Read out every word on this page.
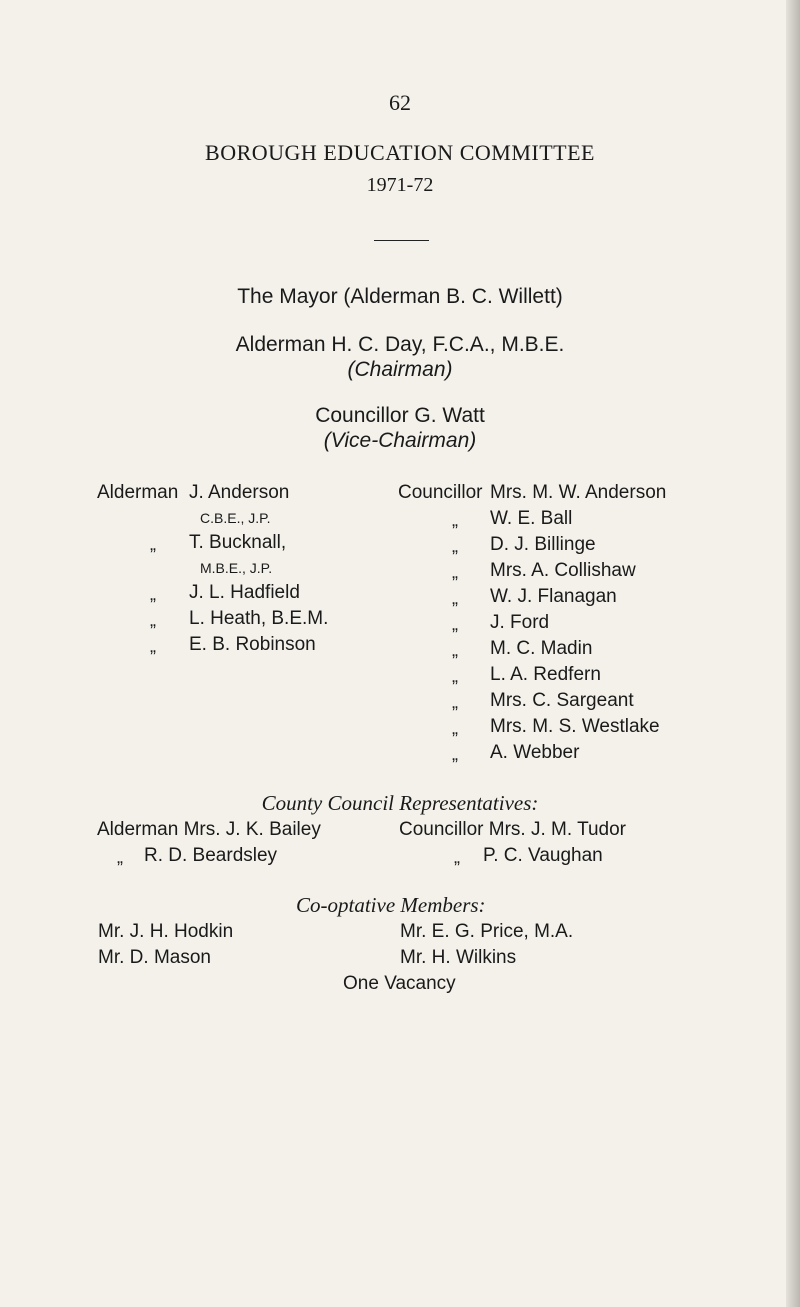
62
BOROUGH EDUCATION COMMITTEE
1971-72
The Mayor (Alderman B. C. Willett)
Alderman H. C. Day, F.C.A., M.B.E.
(Chairman)
Councillor G. Watt
(Vice-Chairman)
Alderman J. Anderson
C.B.E., J.P.
„ T. Bucknall,
M.B.E., J.P.
„ J. L. Hadfield
„ L. Heath, B.E.M.
„ E. B. Robinson
Councillor Mrs. M. W. Anderson
„ W. E. Ball
„ D. J. Billinge
„ Mrs. A. Collishaw
„ W. J. Flanagan
„ J. Ford
„ M. C. Madin
„ L. A. Redfern
„ Mrs. C. Sargeant
„ Mrs. M. S. Westlake
„ A. Webber
County Council Representatives:
Alderman Mrs. J. K. Bailey
„ R. D. Beardsley
Councillor Mrs. J. M. Tudor
„ P. C. Vaughan
Co-optative Members:
Mr. J. H. Hodkin
Mr. D. Mason
Mr. E. G. Price, M.A.
Mr. H. Wilkins
One Vacancy
